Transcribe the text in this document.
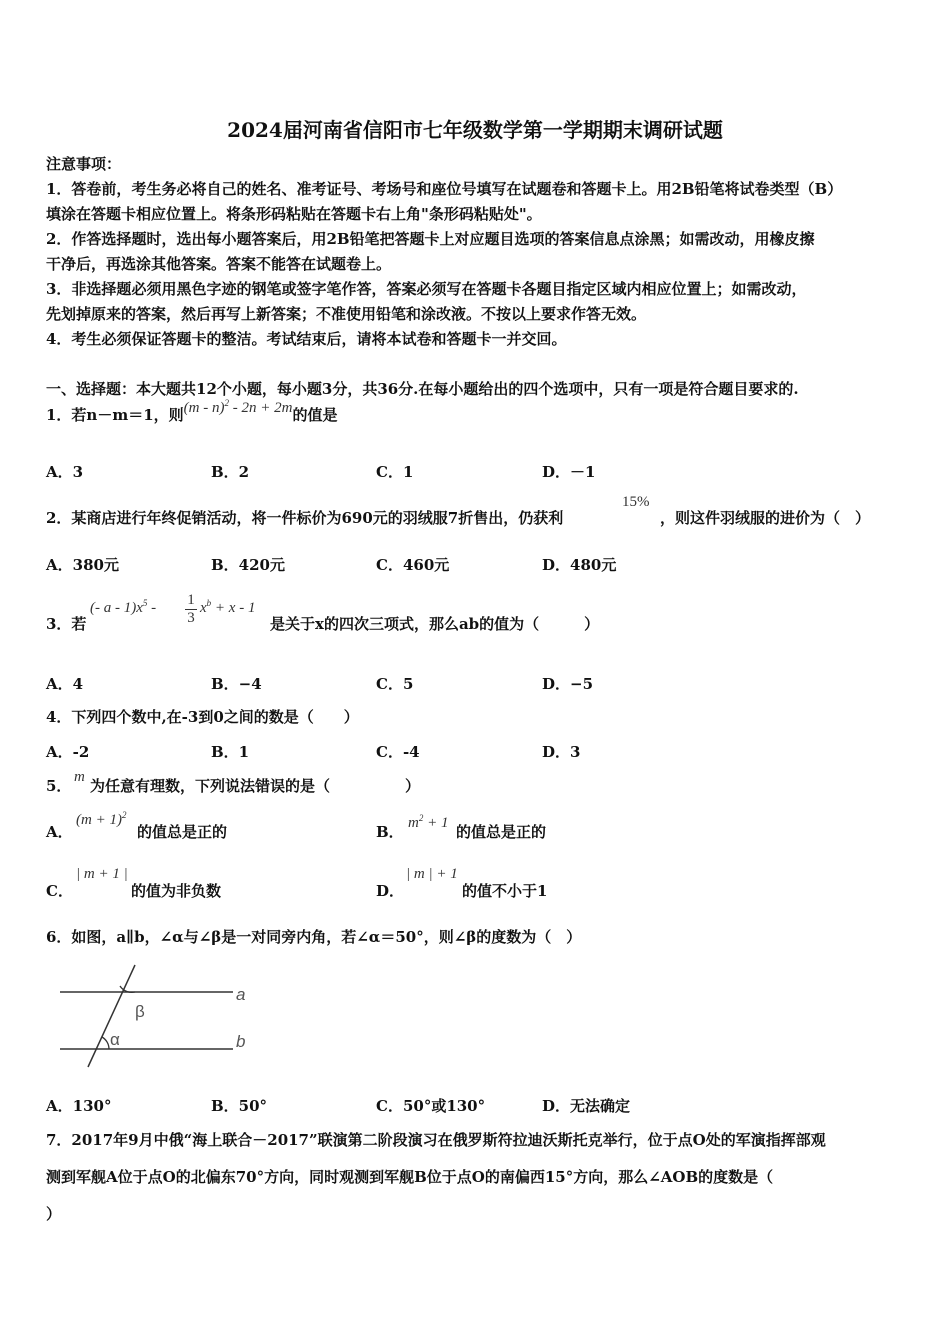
2024届河南省信阳市七年级数学第一学期期末调研试题
注意事项：
1．答卷前，考生务必将自己的姓名、准考证号、考场号和座位号填写在试题卷和答题卡上。用2B铅笔将试卷类型（B）
填涂在答题卡相应位置上。将条形码粘贴在答题卡右上角"条形码粘贴处"。
2．作答选择题时，选出每小题答案后，用2B铅笔把答题卡上对应题目选项的答案信息点涂黑；如需改动，用橡皮擦
干净后，再选涂其他答案。答案不能答在试题卷上。
3．非选择题必须用黑色字迹的钢笔或签字笔作答，答案必须写在答题卡各题目指定区域内相应位置上；如需改动，
先划掉原来的答案，然后再写上新答案；不准使用铅笔和涂改液。不按以上要求作答无效。
4．考生必须保证答题卡的整洁。考试结束后，请将本试卷和答题卡一并交回。
一、选择题：本大题共12个小题，每小题3分，共36分.在每小题给出的四个选项中，只有一项是符合题目要求的.
1．若n－m＝1，则(m - n)$^2$ - 2n + 2m的值是
A．3	B．2	C．1	D．－1
2．某商店进行年终促销活动，将一件标价为690元的羽绒服7折售出，仍获利
15%
，则这件羽绒服的进价为（　）
A．380元	B．420元	C．460元	D．480元
3．若
(- a - $1)x^5 - 1$
3
$x^b + x - 1$
是关于x的四次三项式，那么ab的值为（　　　）
A．4	B．−4	C．5	D．−5
4．下列四个数中,在-3到0之间的数是（　　）
A．-2	B．1	C．-4	D．3
5． m 为任意有理数，下列说法错误的是（　　　　　）
A．
$(m + 1)^2$
的值总是正的	B． $m^2 + 1$ 的值总是正的
C．
| m + 1 |
的值为非负数	D．
| m | + 1
的值不小于1
6．如图，a∥b，∠α与∠β是一对同旁内角，若∠α＝50°，则∠β的度数为（　）
a
b
β
α
A．130°	B．50°	C．50°或130°	D．无法确定
7．2017年9月中俄“海上联合－2017”联演第二阶段演习在俄罗斯符拉迪沃斯托克举行，位于点O处的军演指挥部观
测到军舰A位于点O的北偏东70°方向，同时观测到军舰B位于点O的南偏西15°方向，那么∠AOB的度数是（
）
